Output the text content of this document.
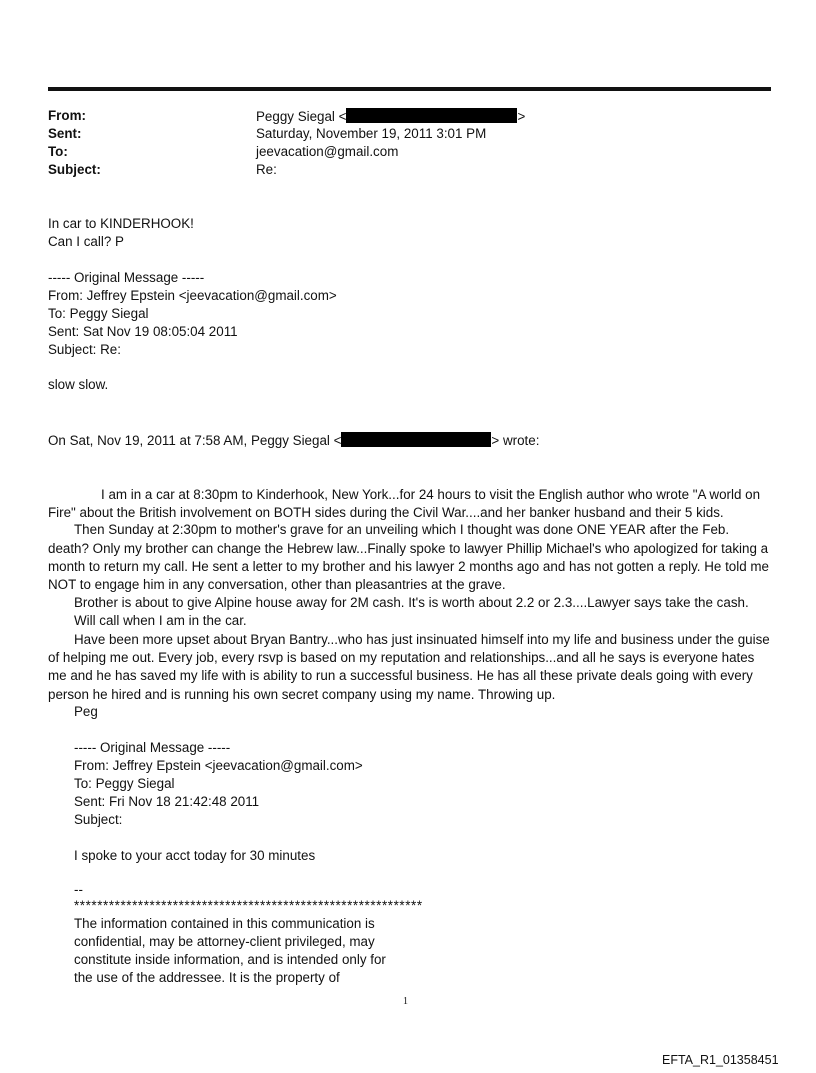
From:	Peggy Siegal <	>
Sent:	Saturday, November 19, 2011 3:01 PM
To:	jeevacation@gmail.com
Subject:	Re:
In car to KINDERHOOK!
Can I call? P
----- Original Message -----
From: Jeffrey Epstein <jeevacation@gmail.com>
To: Peggy Siegal
Sent: Sat Nov 19 08:05:04 2011
Subject: Re:
slow slow.
On Sat, Nov 19, 2011 at 7:58 AM, Peggy Siegal <	> wrote:

I am in a car at 8:30pm to Kinderhook, New York...for 24 hours to visit the English author who wrote "A world on Fire" about the British involvement on BOTH sides during the Civil War....and her banker husband and their 5 kids.

Then Sunday at 2:30pm to mother's grave for an unveiling which I thought was done ONE YEAR after the Feb.

death? Only my brother can change the Hebrew law...Finally spoke to lawyer Phillip Michael's who apologized for taking a month to return my call. He sent a letter to my brother and his lawyer 2 months ago and has not gotten a reply. He told me NOT to engage him in any conversation, other than pleasantries at the grave.

Brother is about to give Alpine house away for 2M cash. It's is worth about 2.2 or 2.3....Lawyer says take the cash.
Will call when I am in the car.

Have been more upset about Bryan Bantry...who has just insinuated himself into my life and business under the guise of helping me out. Every job, every rsvp is based on my reputation and relationships...and all he says is everyone hates me and he has saved my life with is ability to run a successful business. He has all these private deals going with every person he hired and is running his own secret company using my name. Throwing up.

Peg
----- Original Message -----
From: Jeffrey Epstein <jeevacation@gmail.com>
To: Peggy Siegal
Sent: Fri Nov 18 21:42:48 2011
Subject:
I spoke to your acct today for 30 minutes
--
************************************************************
The information contained in this communication is
confidential, may be attorney-client privileged, may
constitute inside information, and is intended only for
the use of the addressee. It is the property of
1
EFTA_R1_01358451
